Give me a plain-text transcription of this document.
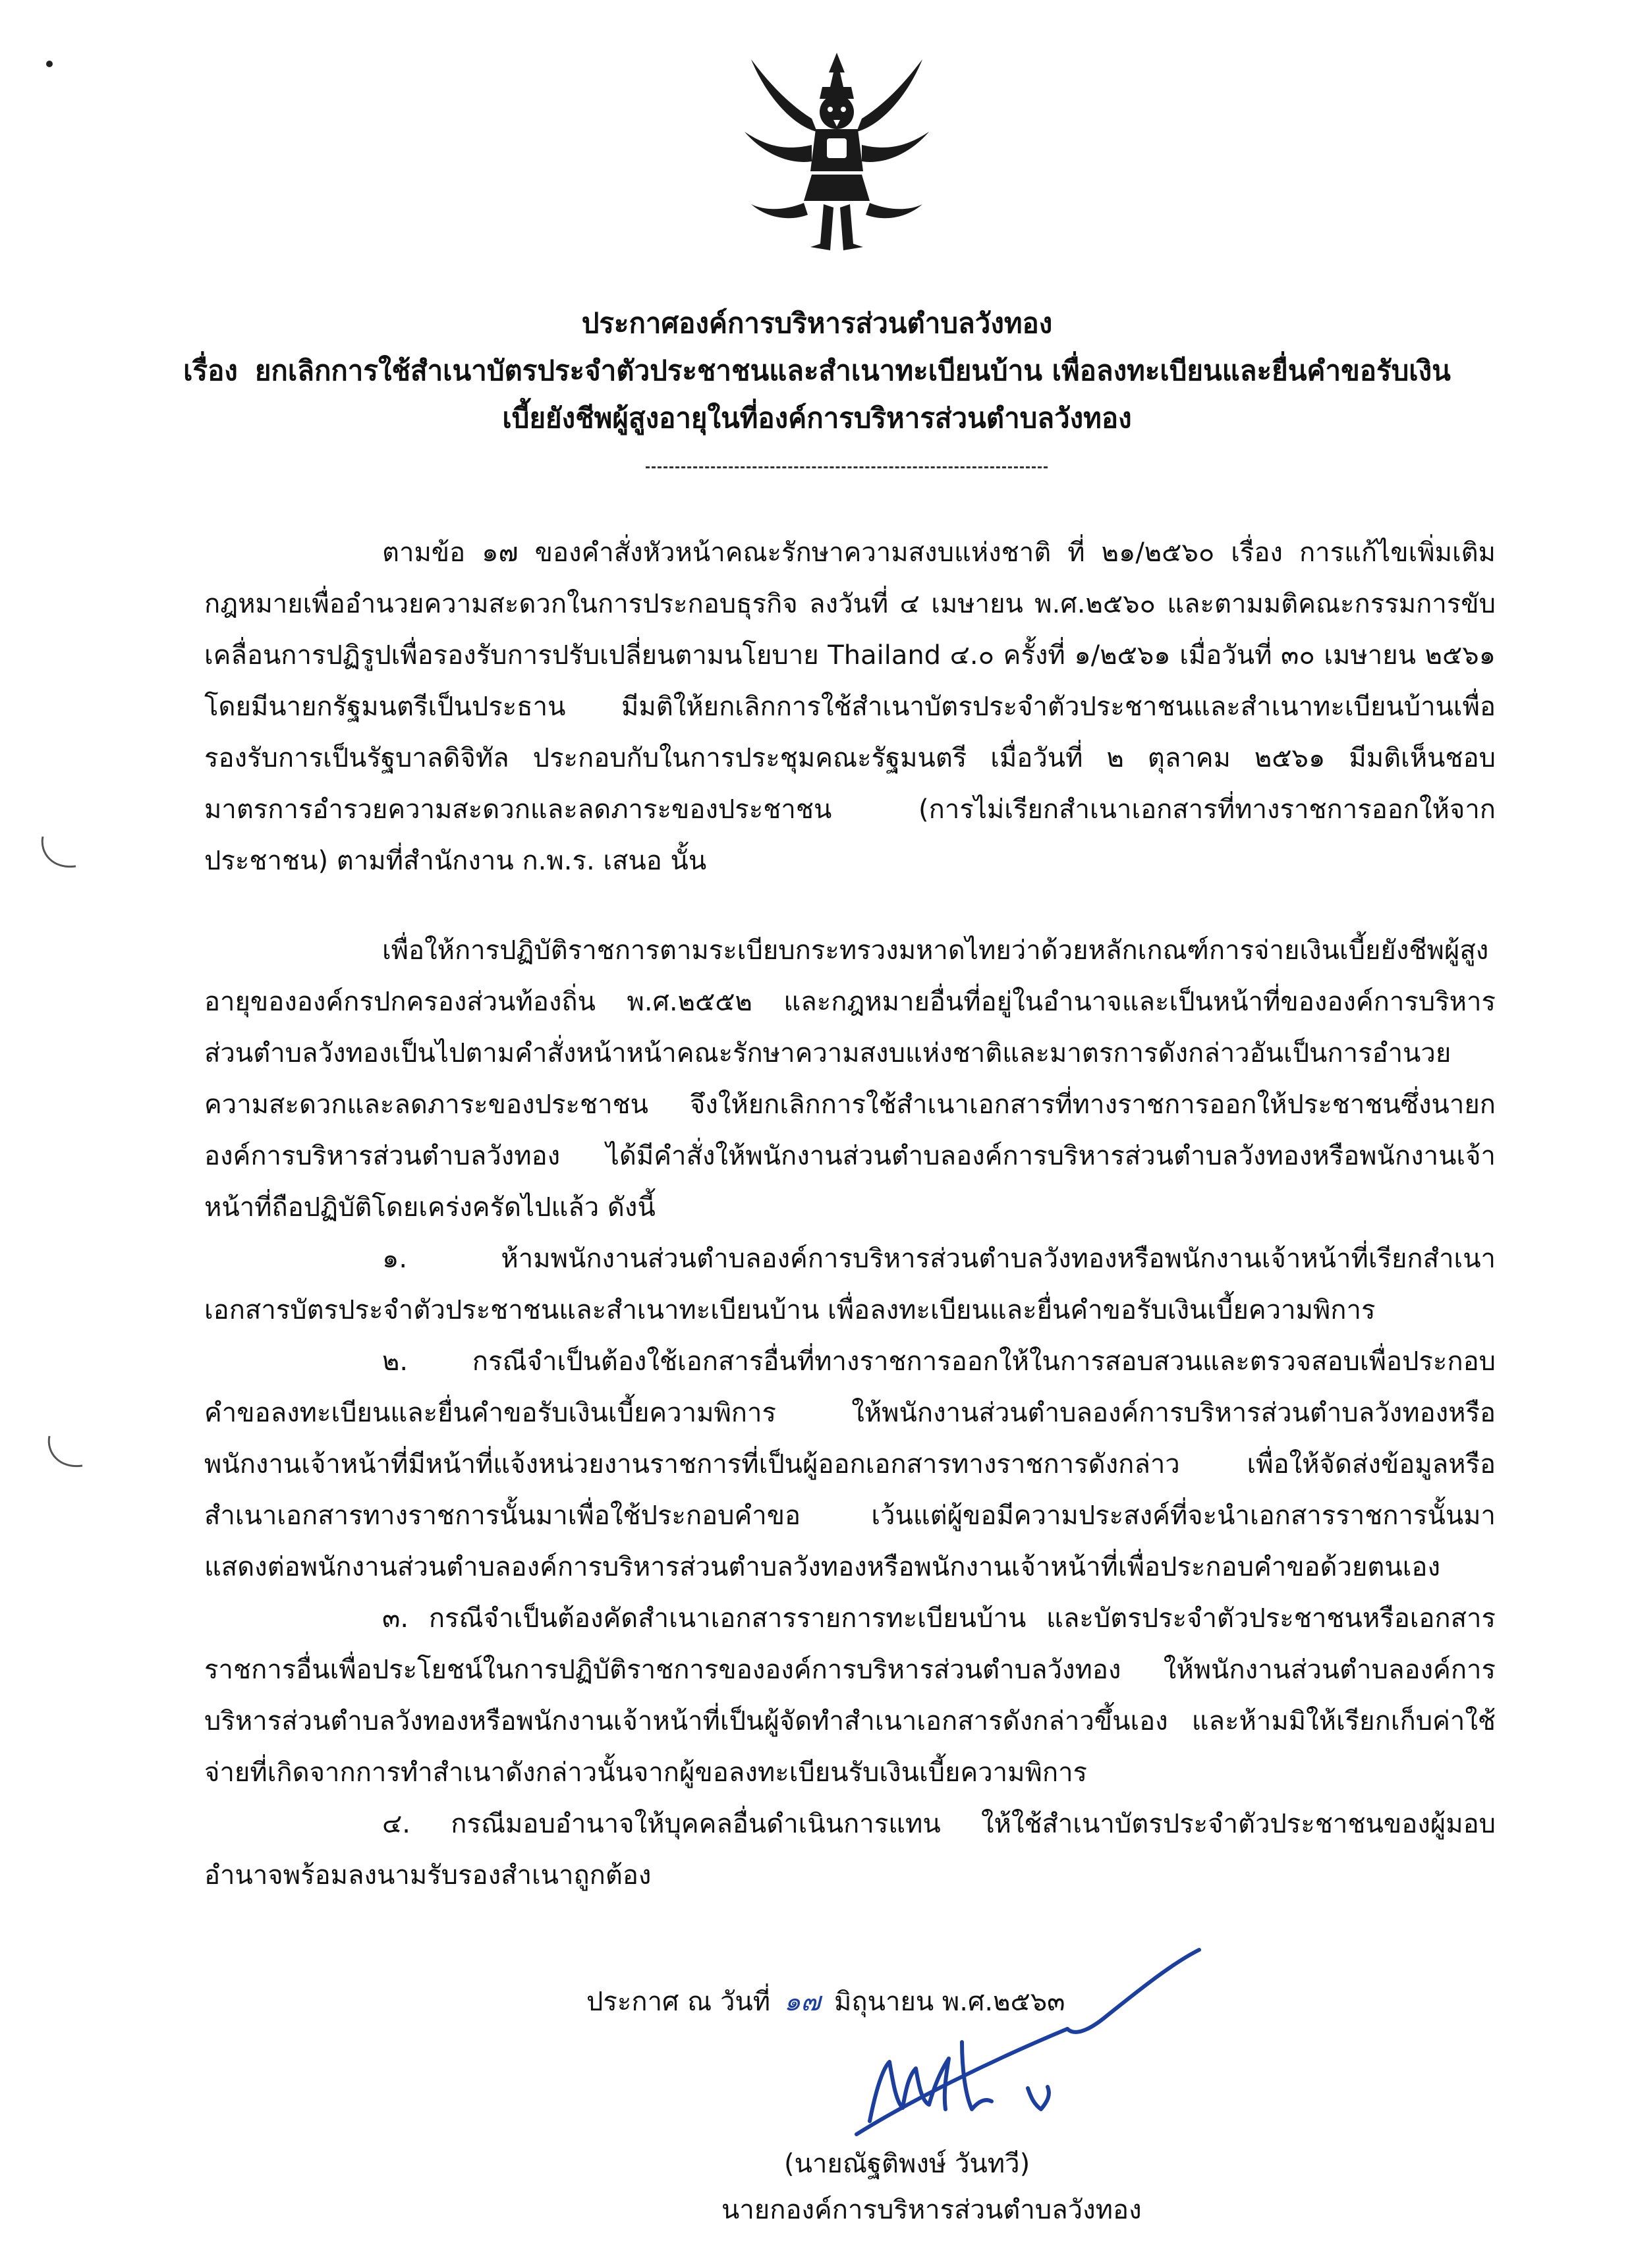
ประกาศองค์การบริหารส่วนตำบลวังทอง
เรื่อง ยกเลิกการใช้สำเนาบัตรประจำตัวประชาชนและสำเนาทะเบียนบ้าน เพื่อลงทะเบียนและยื่นคำขอรับเงิน
เบี้ยยังชีพผู้สูงอายุในที่องค์การบริหารส่วนตำบลวังทอง

ตามข้อ ๑๗ ของคำสั่งหัวหน้าคณะรักษาความสงบแห่งชาติ ที่ ๒๑/๒๕๖๐ เรื่อง การแก้ไขเพิ่มเติมกฎหมายเพื่ออำนวยความสะดวกในการประกอบธุรกิจ ลงวันที่ ๔ เมษายน พ.ศ.๒๕๖๐ และตามมติคณะกรรมการขับเคลื่อนการปฏิรูปเพื่อรองรับการปรับเปลี่ยนตามนโยบาย Thailand ๔.๐ ครั้งที่ ๑/๒๕๖๑ เมื่อวันที่ ๓๐ เมษายน ๒๕๖๑ โดยมีนายกรัฐมนตรีเป็นประธาน มีมติให้ยกเลิกการใช้สำเนาบัตรประจำตัวประชาชนและสำเนาทะเบียนบ้านเพื่อรองรับการเป็นรัฐบาลดิจิทัล ประกอบกับในการประชุมคณะรัฐมนตรี เมื่อวันที่ ๒ ตุลาคม ๒๕๖๑ มีมติเห็นชอบมาตรการอำรวยความสะดวกและลดภาระของประชาชน (การไม่เรียกสำเนาเอกสารที่ทางราชการออกให้จากประชาชน) ตามที่สำนักงาน ก.พ.ร. เสนอ นั้น

เพื่อให้การปฏิบัติราชการตามระเบียบกระทรวงมหาดไทยว่าด้วยหลักเกณฑ์การจ่ายเงินเบี้ยยังชีพผู้สูงอายุขององค์กรปกครองส่วนท้องถิ่น พ.ศ.๒๕๕๒ และกฎหมายอื่นที่อยู่ในอำนาจและเป็นหน้าที่ขององค์การบริหารส่วนตำบลวังทองเป็นไปตามคำสั่งหน้าหน้าคณะรักษาความสงบแห่งชาติและมาตรการดังกล่าวอันเป็นการอำนวยความสะดวกและลดภาระของประชาชน จึงให้ยกเลิกการใช้สำเนาเอกสารที่ทางราชการออกให้ประชาชนซึ่งนายกองค์การบริหารส่วนตำบลวังทอง ได้มีคำสั่งให้พนักงานส่วนตำบลองค์การบริหารส่วนตำบลวังทองหรือพนักงานเจ้าหน้าที่ถือปฏิบัติโดยเคร่งครัดไปแล้ว ดังนี้

๑. ห้ามพนักงานส่วนตำบลองค์การบริหารส่วนตำบลวังทองหรือพนักงานเจ้าหน้าที่เรียกสำเนาเอกสารบัตรประจำตัวประชาชนและสำเนาทะเบียนบ้าน เพื่อลงทะเบียนและยื่นคำขอรับเงินเบี้ยความพิการ

๒. กรณีจำเป็นต้องใช้เอกสารอื่นที่ทางราชการออกให้ในการสอบสวนและตรวจสอบเพื่อประกอบคำขอลงทะเบียนและยื่นคำขอรับเงินเบี้ยความพิการ ให้พนักงานส่วนตำบลองค์การบริหารส่วนตำบลวังทองหรือพนักงานเจ้าหน้าที่มีหน้าที่แจ้งหน่วยงานราชการที่เป็นผู้ออกเอกสารทางราชการดังกล่าว เพื่อให้จัดส่งข้อมูลหรือสำเนาเอกสารทางราชการนั้นมาเพื่อใช้ประกอบคำขอ เว้นแต่ผู้ขอมีความประสงค์ที่จะนำเอกสารราชการนั้นมาแสดงต่อพนักงานส่วนตำบลองค์การบริหารส่วนตำบลวังทองหรือพนักงานเจ้าหน้าที่เพื่อประกอบคำขอด้วยตนเอง

๓. กรณีจำเป็นต้องคัดสำเนาเอกสารรายการทะเบียนบ้าน และบัตรประจำตัวประชาชนหรือเอกสารราชการอื่นเพื่อประโยชน์ในการปฏิบัติราชการขององค์การบริหารส่วนตำบลวังทอง ให้พนักงานส่วนตำบลองค์การบริหารส่วนตำบลวังทองหรือพนักงานเจ้าหน้าที่เป็นผู้จัดทำสำเนาเอกสารดังกล่าวขึ้นเอง และห้ามมิให้เรียกเก็บค่าใช้จ่ายที่เกิดจากการทำสำเนาดังกล่าวนั้นจากผู้ขอลงทะเบียนรับเงินเบี้ยความพิการ

๔. กรณีมอบอำนาจให้บุคคลอื่นดำเนินการแทน ให้ใช้สำเนาบัตรประจำตัวประชาชนของผู้มอบอำนาจพร้อมลงนามรับรองสำเนาถูกต้อง

ประกาศ ณ วันที่ ๑๗ มิถุนายน พ.ศ.๒๕๖๓
(นายณัฐติพงษ์ วันทวี)
นายกองค์การบริหารส่วนตำบลวังทอง
